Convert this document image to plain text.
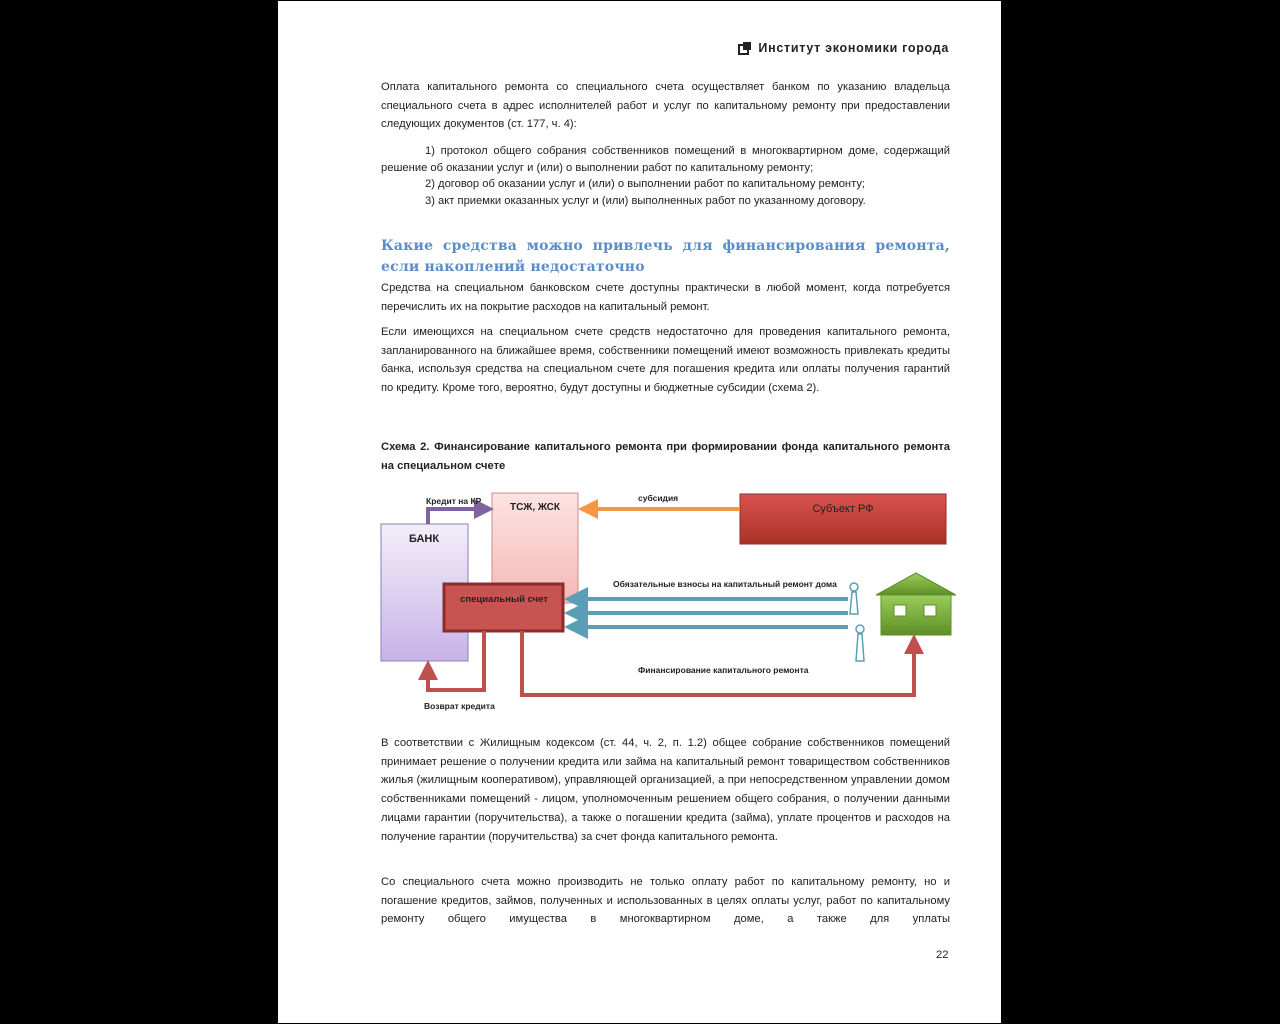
Институт экономики города

Оплата капитального ремонта со специального счета осуществляет банком по указанию владельца специального счета в адрес исполнителей работ и услуг по капитальному ремонту при предоставлении следующих документов (ст. 177, ч. 4):

1) протокол общего собрания собственников помещений в многоквартирном доме, содержащий решение об оказании услуг и (или) о выполнении работ по капитальному ремонту;

2) договор об оказании услуг и (или) о выполнении работ по капитальному ремонту;

3) акт приемки оказанных услуг и (или) выполненных работ по указанному договору.

Какие средства можно привлечь для финансирования ремонта, если накоплений недостаточно

Средства на специальном банковском счете доступны практически в любой момент, когда потребуется перечислить их на покрытие расходов на капитальный ремонт.

Если имеющихся на специальном счете средств недостаточно для проведения капитального ремонта, запланированного на ближайшее время, собственники помещений имеют возможность привлекать кредиты банка, используя средства на специальном счете для погашения кредита или оплаты получения гарантий по кредиту. Кроме того, вероятно, будут доступны и бюджетные субсидии (схема 2).

Схема 2. Финансирование капитального ремонта при формировании фонда капитального ремонта на специальном счете
БАНК
ТСЖ, ЖСК	Субъект РФ
специальный счет
Кредит на КР	субсидия
Обязательные взносы на капитальный ремонт дома
Финансирование капитального ремонта
Возврат кредита

В соответствии с Жилищным кодексом (ст. 44, ч. 2, п. 1.2) общее собрание собственников помещений принимает решение о получении кредита или займа на капитальный ремонт товариществом собственников жилья (жилищным кооперативом), управляющей организацией, а при непосредственном управлении домом собственниками помещений - лицом, уполномоченным решением общего собрания, о получении данными лицами гарантии (поручительства), а также о погашении кредита (займа), уплате процентов и расходов на получение гарантии (поручительства) за счет фонда капитального ремонта.

Со специального счета можно производить не только оплату работ по капитальному ремонту, но и погашение кредитов, займов, полученных и использованных в целях оплаты услуг, работ по капитальному ремонту общего имущества в многоквартирном доме, а также для уплаты

22
